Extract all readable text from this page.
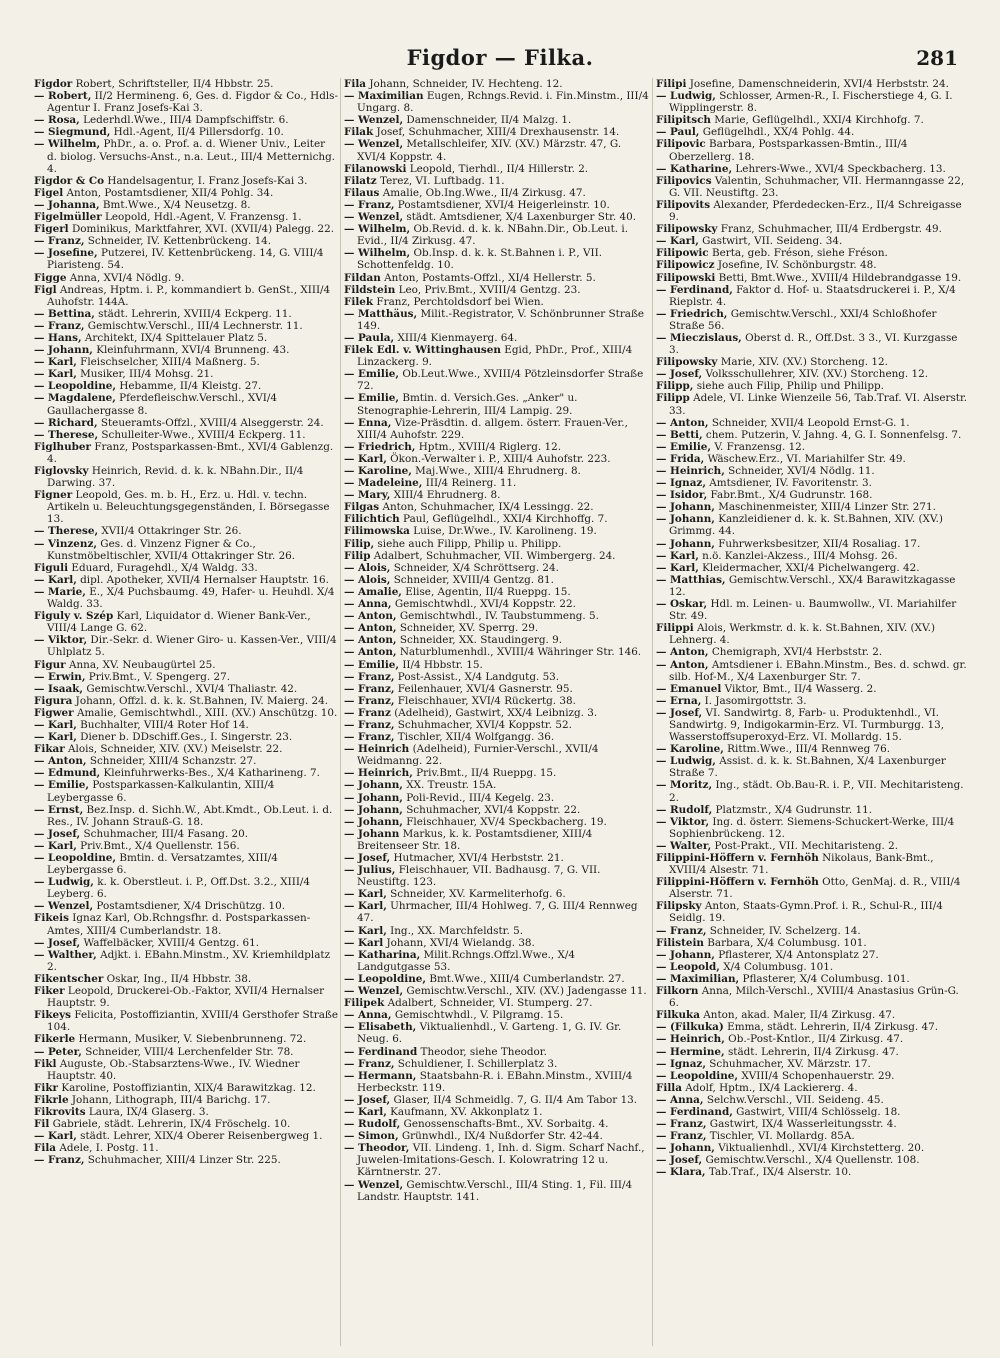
Figdor — Filka.	281
Figdor Robert, Schriftsteller, II/4 Hbbstr. 25.
— Robert, II/2 Hermineng. 6, Ges. d. Figdor & Co., Hdls-Agentur I. Franz Josefs-Kai 3.
— Rosa, Lederhdl.Wwe., III/4 Dampfschiffstr. 6.
— Siegmund, Hdl.-Agent, II/4 Pillersdorfg. 10.
— Wilhelm, PhDr., a. o. Prof. a. d. Wiener Univ., Leiter d. biolog. Versuchs-Anst., n.a. Leut., III/4 Metternichg. 4.
Figdor & Co Handelsagentur, I. Franz Josefs-Kai 3.
Figel Anton, Postamtsdiener, XII/4 Pohlg. 34.
— Johanna, Bmt.Wwe., X/4 Neusetzg. 8.
Figelmüller Leopold, Hdl.-Agent, V. Franzensg. 1.
Figerl Dominikus, Marktfahrer, XVI. (XVII/4) Palegg. 22.
— Franz, Schneider, IV. Kettenbrückeng. 14.
— Josefine, Putzerei, IV. Kettenbrückeng. 14, G. VIII/4 Piaristeng. 54.
Figge Anna, XVI/4 Nödlg. 9.
Figl Andreas, Hptm. i. P., kommandiert b. GenSt., XIII/4 Auhofstr. 144A.
— Bettina, städt. Lehrerin, XVIII/4 Eckperg. 11.
— Franz, Gemischtw.Verschl., III/4 Lechnerstr. 11.
— Hans, Architekt, IX/4 Spittelauer Platz 5.
— Johann, Kleinfuhrmann, XVI/4 Brunneng. 43.
— Karl, Fleischselcher, XIII/4 Maßnerg. 5.
— Karl, Musiker, III/4 Mohsg. 21.
— Leopoldine, Hebamme, II/4 Kleistg. 27.
— Magdalene, Pferdefleischw.Verschl., XVI/4 Gaullachergasse 8.
— Richard, Steueramts-Offzl., XVIII/4 Alseggerstr. 24.
— Therese, Schulleiter-Wwe., XVIII/4 Eckperg. 11.
Figlhuber Franz, Postsparkassen-Bmt., XVI/4 Gablenzg. 4.
Figlovsky Heinrich, Revid. d. k. k. NBahn.Dir., II/4 Darwing. 37.
Figner Leopold, Ges. m. b. H., Erz. u. Hdl. v. techn. Artikeln u. Beleuchtungsgegenständen, I. Börsegasse 13.
— Therese, XVII/4 Ottakringer Str. 26.
— Vinzenz, Ges. d. Vinzenz Figner & Co., Kunstmöbeltischler, XVII/4 Ottakringer Str. 26.
Figuli Eduard, Furagehdl., X/4 Waldg. 33.
— Karl, dipl. Apotheker, XVII/4 Hernalser Hauptstr. 16.
— Marie, E., X/4 Puchsbaumg. 49, Hafer- u. Heuhdl. X/4 Waldg. 33.
Figuly v. Szép Karl, Liquidator d. Wiener Bank-Ver., VIII/4 Lange G. 62.
— Viktor, Dir.-Sekr. d. Wiener Giro- u. Kassen-Ver., VIII/4 Uhlplatz 5.
Figur Anna, XV. Neubaugürtel 25.
— Erwin, Priv.Bmt., V. Spengerg. 27.
— Isaak, Gemischtw.Verschl., XVI/4 Thaliastr. 42.
Figura Johann, Offzl. d. k. k. St.Bahnen, IV. Maierg. 24.
Figwer Amalie, Gemischtwhdl., XIII. (XV.) Anschützg. 10.
— Karl, Buchhalter, VIII/4 Roter Hof 14.
— Karl, Diener b. DDschiff.Ges., I. Singerstr. 23.
Fikar Alois, Schneider, XIV. (XV.) Meiselstr. 22.
— Anton, Schneider, XIII/4 Schanzstr. 27.
— Edmund, Kleinfuhrwerks-Bes., X/4 Katharineng. 7.
— Emilie, Postsparkassen-Kalkulantin, XIII/4 Leybergasse 6.
— Ernst, Bez.Insp. d. Sichh.W., Abt.Kmdt., Ob.Leut. i. d. Res., IV. Johann Strauß-G. 18.
— Josef, Schuhmacher, III/4 Fasang. 20.
— Karl, Priv.Bmt., X/4 Quellenstr. 156.
— Leopoldine, Bmtin. d. Versatzamtes, XIII/4 Leybergasse 6.
— Ludwig, k. k. Oberstleut. i. P., Off.Dst. 3.2., XIII/4 Leyberg. 6.
— Wenzel, Postamtsdiener, X/4 Drischützg. 10.
Fikeis Ignaz Karl, Ob.Rchngsfhr. d. Postsparkassen-Amtes, XIII/4 Cumberlandstr. 18.
— Josef, Waffelbäcker, XVIII/4 Gentzg. 61.
— Walther, Adjkt. i. EBahn.Minstm., XV. Kriemhildplatz 2.
Fikentscher Oskar, Ing., II/4 Hbbstr. 38.
Fiker Leopold, Druckerei-Ob.-Faktor, XVII/4 Hernalser Hauptstr. 9.
Fikeys Felicita, Postoffiziantin, XVIII/4 Gersthofer Straße 104.
Fikerle Hermann, Musiker, V. Siebenbrunneng. 72.
— Peter, Schneider, VIII/4 Lerchenfelder Str. 78.
Fikl Auguste, Ob.-Stabsarztens-Wwe., IV. Wiedner Hauptstr. 40.
Fikr Karoline, Postoffiziantin, XIX/4 Barawitzkag. 12.
Fikrle Johann, Lithograph, III/4 Barichg. 17.
Fikrovits Laura, IX/4 Glaserg. 3.
Fil Gabriele, städt. Lehrerin, IX/4 Fröschelg. 10.
— Karl, städt. Lehrer, XIX/4 Oberer Reisenbergweg 1.
Fila Adele, I. Postg. 11.
— Franz, Schuhmacher, XIII/4 Linzer Str. 225.
Fila Johann, Schneider, IV. Hechteng. 12.
— Maximilian Eugen, Rchngs.Revid. i. Fin.Minstm., III/4 Ungarg. 8.
— Wenzel, Damenschneider, II/4 Malzg. 1.
Filak Josef, Schuhmacher, XIII/4 Drexhausenstr. 14.
— Wenzel, Metallschleifer, XIV. (XV.) Märzstr. 47, G. XVI/4 Koppstr. 4.
Filanowski Leopold, Tierhdl., II/4 Hillerstr. 2.
Filatz Terez, VI. Luftbadg. 11.
Filaus Amalie, Ob.Ing.Wwe., II/4 Zirkusg. 47.
— Franz, Postamtsdiener, XVI/4 Heigerleinstr. 10.
— Wenzel, städt. Amtsdiener, X/4 Laxenburger Str. 40.
— Wilhelm, Ob.Revid. d. k. k. NBahn.Dir., Ob.Leut. i. Evid., II/4 Zirkusg. 47.
— Wilhelm, Ob.Insp. d. k. k. St.Bahnen i. P., VII. Schottenfeldg. 10.
Fildan Anton, Postamts-Offzl., XI/4 Hellerstr. 5.
Fildstein Leo, Priv.Bmt., XVIII/4 Gentzg. 23.
Filek Franz, Perchtoldsdorf bei Wien.
— Matthäus, Milit.-Registrator, V. Schönbrunner Straße 149.
— Paula, XIII/4 Kienmayerg. 64.
Filek Edl. v. Wittinghausen Egid, PhDr., Prof., XIII/4 Linzackerg. 9.
— Emilie, Ob.Leut.Wwe., XVIII/4 Pötzleinsdorfer Straße 72.
— Emilie, Bmtin. d. Versich.Ges. „Anker" u. Stenographie-Lehrerin, III/4 Lampig. 29.
— Enna, Vize-Präsdtin. d. allgem. österr. Frauen-Ver., XIII/4 Auhofstr. 229.
— Friedrich, Hptm., XVIII/4 Riglerg. 12.
— Karl, Ökon.-Verwalter i. P., XIII/4 Auhofstr. 223.
— Karoline, Maj.Wwe., XIII/4 Ehrudnerg. 8.
— Madeleine, III/4 Reinerg. 11.
— Mary, XIII/4 Ehrudnerg. 8.
Filgas Anton, Schuhmacher, IX/4 Lessingg. 22.
Filichtich Paul, Geflügelhdl., XXI/4 Kirchhoffg. 7.
Filimowska Luise, Dr.Wwe., IV. Karolineng. 19.
Filip, siehe auch Filipp, Philip u. Philipp.
Filip Adalbert, Schuhmacher, VII. Wimbergerg. 24.
— Alois, Schneider, X/4 Schröttserg. 24.
— Alois, Schneider, XVIII/4 Gentzg. 81.
— Amalie, Elise, Agentin, II/4 Rueppg. 15.
— Anna, Gemischtwhdl., XVI/4 Koppstr. 22.
— Anton, Gemischtwhdl., IV. Taubstummeng. 5.
— Anton, Schneider, XV. Sperrg. 29.
— Anton, Schneider, XX. Staudingerg. 9.
— Anton, Naturblumenhdl., XVIII/4 Währinger Str. 146.
— Emilie, II/4 Hbbstr. 15.
— Franz, Post-Assist., X/4 Landgutg. 53.
— Franz, Feilenhauer, XVI/4 Gasnerstr. 95.
— Franz, Fleischhauer, XVI/4 Rückertg. 38.
— Franz (Adelheid), Gastwirt, XX/4 Leibnizg. 3.
— Franz, Schuhmacher, XVI/4 Koppstr. 52.
— Franz, Tischler, XII/4 Wolfgangg. 36.
— Heinrich (Adelheid), Furnier-Verschl., XVII/4 Weidmanng. 22.
— Heinrich, Priv.Bmt., II/4 Rueppg. 15.
— Johann, XX. Treustr. 15A.
— Johann, Poli-Revid., III/4 Kegelg. 23.
— Johann, Schuhmacher, XVI/4 Koppstr. 22.
— Johann, Fleischhauer, XV/4 Speckbacherg. 19.
— Johann Markus, k. k. Postamtsdiener, XIII/4 Breitenseer Str. 18.
— Josef, Hutmacher, XVI/4 Herbststr. 21.
— Julius, Fleischhauer, VII. Badhausg. 7, G. VII. Neustiftg. 123.
— Karl, Schneider, XV. Karmeliterhofg. 6.
— Karl, Uhrmacher, III/4 Hohlweg. 7, G. III/4 Rennweg 47.
— Karl, Ing., XX. Marchfeldstr. 5.
— Karl Johann, XVI/4 Wielandg. 38.
— Katharina, Milit.Rchngs.Offzl.Wwe., X/4 Landgutgasse 53.
— Leopoldine, Bmt.Wwe., XIII/4 Cumberlandstr. 27.
— Wenzel, Gemischtw.Verschl., XIV. (XV.) Jadengasse 11.
Filipek Adalbert, Schneider, VI. Stumperg. 27.
— Anna, Gemischtwhdl., V. Pilgramg. 15.
— Elisabeth, Viktualienhdl., V. Garteng. 1, G. IV. Gr. Neug. 6.
— Ferdinand Theodor, siehe Theodor.
— Franz, Schuldiener, I. Schillerplatz 3.
— Hermann, Staatsbahn-R. i. EBahn.Minstm., XVIII/4 Herbeckstr. 119.
— Josef, Glaser, II/4 Schmeidlg. 7, G. II/4 Am Tabor 13.
— Karl, Kaufmann, XV. Akkonplatz 1.
— Rudolf, Genossenschafts-Bmt., XV. Sorbaitg. 4.
— Simon, Grünwhdl., IX/4 Nußdorfer Str. 42-44.
— Theodor, VII. Lindeng. 1, Inh. d. Sigm. Scharf Nachf., Juwelen-Imitations-Gesch. I. Kolowratring 12 u. Kärntnerstr. 27.
— Wenzel, Gemischtw.Verschl., III/4 Sting. 1, Fil. III/4 Landstr. Hauptstr. 141.
Filipi Josefine, Damenschneiderin, XVI/4 Herbststr. 24.
— Ludwig, Schlosser, Armen-R., I. Fischerstiege 4, G. I. Wipplingerstr. 8.
Filipitsch Marie, Geflügelhdl., XXI/4 Kirchhofg. 7.
— Paul, Geflügelhdl., XX/4 Pohlg. 44.
Filipovic Barbara, Postsparkassen-Bmtin., III/4 Oberzellerg. 18.
— Katharine, Lehrers-Wwe., XVI/4 Speckbacherg. 13.
Filipovics Valentin, Schuhmacher, VII. Hermanngasse 22, G. VII. Neustiftg. 23.
Filipovits Alexander, Pferdedecken-Erz., II/4 Schreigasse 9.
Filipowsky Franz, Schuhmacher, III/4 Erdbergstr. 49.
— Karl, Gastwirt, VII. Seideng. 34.
Filipowic Berta, geb. Fréson, siehe Fréson.
Filipowicz Josefine, IV. Schönburgstr. 48.
Filipowski Betti, Bmt.Wwe., XVIII/4 Hildebrandgasse 19.
— Ferdinand, Faktor d. Hof- u. Staatsdruckerei i. P., X/4 Rieplstr. 4.
— Friedrich, Gemischtw.Verschl., XXI/4 Schloßhofer Straße 56.
— Mieczislaus, Oberst d. R., Off.Dst. 3 3., VI. Kurzgasse 3.
Filipowsky Marie, XIV. (XV.) Storcheng. 12.
— Josef, Volksschullehrer, XIV. (XV.) Storcheng. 12.
Filipp, siehe auch Filip, Philip und Philipp.
Filipp Adele, VI. Linke Wienzeile 56, Tab.Traf. VI. Alserstr. 33.
— Anton, Schneider, XVII/4 Leopold Ernst-G. 1.
— Betti, chem. Putzerin, V. Jahng. 4, G. I. Sonnenfelsg. 7.
— Emilie, V. Franzensg. 12.
— Frida, Wäschew.Erz., VI. Mariahilfer Str. 49.
— Heinrich, Schneider, XVI/4 Nödlg. 11.
— Ignaz, Amtsdiener, IV. Favoritenstr. 3.
— Isidor, Fabr.Bmt., X/4 Gudrunstr. 168.
— Johann, Maschinenmeister, XIII/4 Linzer Str. 271.
— Johann, Kanzleidiener d. k. k. St.Bahnen, XIV. (XV.) Grimmg. 44.
— Johann, Fuhrwerksbesitzer, XII/4 Rosaliag. 17.
— Karl, n.ö. Kanzlei-Akzess., III/4 Mohsg. 26.
— Karl, Kleidermacher, XXI/4 Pichelwangerg. 42.
— Matthias, Gemischtw.Verschl., XX/4 Barawitzkagasse 12.
— Oskar, Hdl. m. Leinen- u. Baumwollw., VI. Mariahilfer Str. 49.
Filippi Alois, Werkmstr. d. k. k. St.Bahnen, XIV. (XV.) Lehnerg. 4.
— Anton, Chemigraph, XVI/4 Herbststr. 2.
— Anton, Amtsdiener i. EBahn.Minstm., Bes. d. schwd. gr. silb. Hof-M., X/4 Laxenburger Str. 7.
— Emanuel Viktor, Bmt., II/4 Wasserg. 2.
— Erna, I. Jasomirgottstr. 3.
— Josef, VI. Sandwirtg. 8, Farb- u. Produktenhdl., VI. Sandwirtg. 9, Indigokarmin-Erz. VI. Turmburgg. 13, Wasserstoffsuperoxyd-Erz. VI. Mollardg. 15.
— Karoline, Rittm.Wwe., III/4 Rennweg 76.
— Ludwig, Assist. d. k. k. St.Bahnen, X/4 Laxenburger Straße 7.
— Moritz, Ing., städt. Ob.Bau-R. i. P., VII. Mechitaristeng. 2.
— Rudolf, Platzmstr., X/4 Gudrunstr. 11.
— Viktor, Ing. d. österr. Siemens-Schuckert-Werke, III/4 Sophienbrückeng. 12.
— Walter, Post-Prakt., VII. Mechitaristeng. 2.
Filippini-Höffern v. Fernhöh Nikolaus, Bank-Bmt., XVIII/4 Alsestr. 71.
Filippini-Höffern v. Fernhöh Otto, GenMaj. d. R., VIII/4 Alserstr. 71.
Filipsky Anton, Staats-Gymn.Prof. i. R., Schul-R., III/4 Seidlg. 19.
— Franz, Schneider, IV. Schelzerg. 14.
Filistein Barbara, X/4 Columbusg. 101.
— Johann, Pflasterer, X/4 Antonsplatz 27.
— Leopold, X/4 Columbusg. 101.
— Maximilian, Pflasterer, X/4 Columbusg. 101.
Filkorn Anna, Milch-Verschl., XVIII/4 Anastasius Grün-G. 6.
Filkuka Anton, akad. Maler, II/4 Zirkusg. 47.
— (Filkuka) Emma, städt. Lehrerin, II/4 Zirkusg. 47.
— Heinrich, Ob.-Post-Kntlor., II/4 Zirkusg. 47.
— Hermine, städt. Lehrerin, II/4 Zirkusg. 47.
— Ignaz, Schuhmacher, XV. Märzstr. 17.
— Leopoldine, XVIII/4 Schopenhauerstr. 29.
Filla Adolf, Hptm., IX/4 Lackiererg. 4.
— Anna, Selchw.Verschl., VII. Seideng. 45.
— Ferdinand, Gastwirt, VIII/4 Schlösselg. 18.
— Franz, Gastwirt, IX/4 Wasserleitungsstr. 4.
— Franz, Tischler, VI. Mollardg. 85A.
— Johann, Viktualienhdl., XVI/4 Kirchstetterg. 20.
— Josef, Gemischtw.Verschl., X/4 Quellenstr. 108.
— Klara, Tab.Traf., IX/4 Alserstr. 10.
